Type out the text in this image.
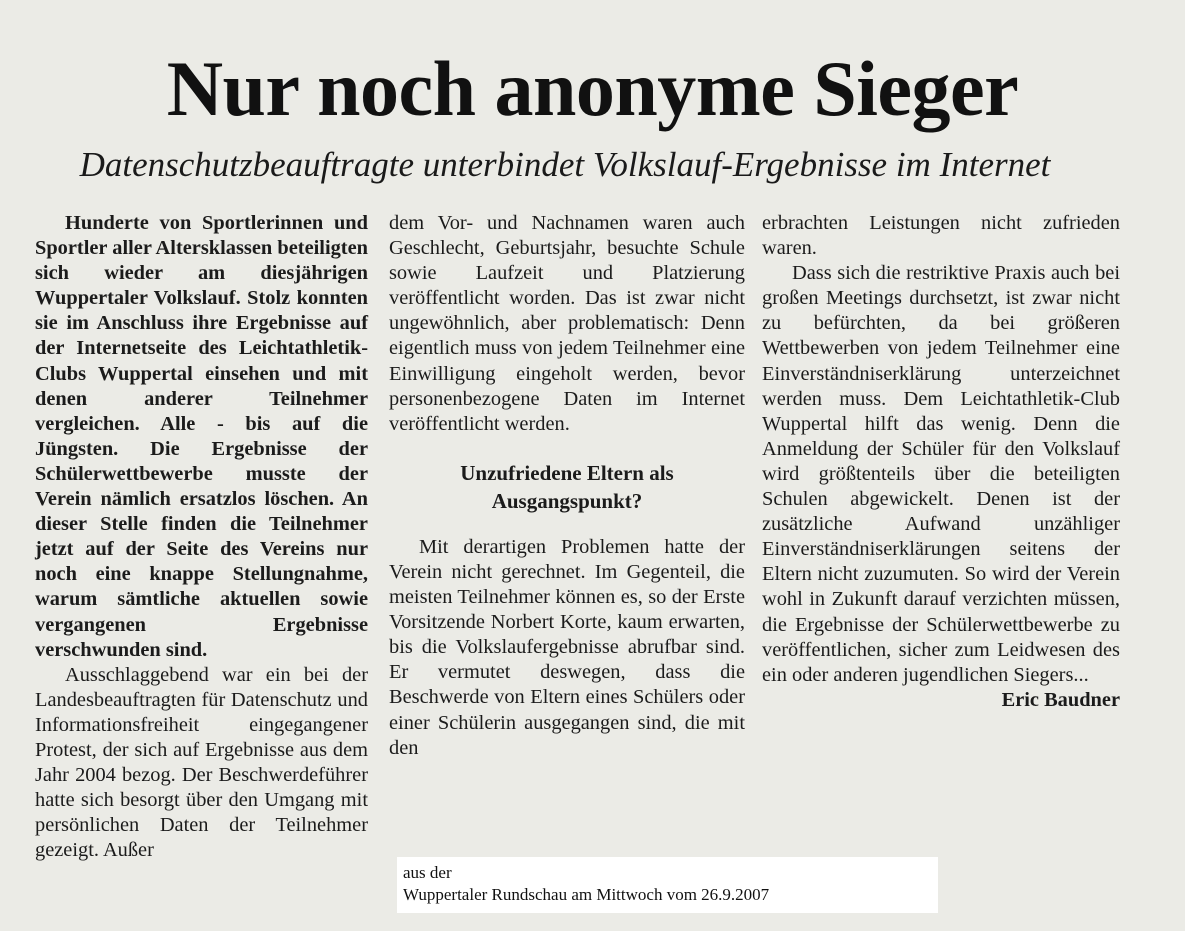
Nur noch anonyme Sieger
Datenschutzbeauftragte unterbindet Volkslauf-Ergebnisse im Internet

Hunderte von Sportlerinnen und Sportler aller Altersklassen beteiligten sich wieder am diesjährigen Wuppertaler Volkslauf. Stolz konnten sie im Anschluss ihre Ergebnisse auf der Internetseite des Leichtathletik-Clubs Wuppertal einsehen und mit denen anderer Teilnehmer vergleichen. Alle - bis auf die Jüngsten. Die Ergebnisse der Schülerwettbewerbe musste der Verein nämlich ersatzlos löschen. An dieser Stelle finden die Teilnehmer jetzt auf der Seite des Vereins nur noch eine knappe Stellungnahme, warum sämtliche aktuellen sowie vergangenen Ergebnisse verschwunden sind.

Ausschlaggebend war ein bei der Landesbeauftragten für Datenschutz und Informationsfreiheit eingegangener Protest, der sich auf Ergebnisse aus dem Jahr 2004 bezog. Der Beschwerdeführer hatte sich besorgt über den Umgang mit persönlichen Daten der Teilnehmer gezeigt. Außer

dem Vor- und Nachnamen waren auch Geschlecht, Geburtsjahr, besuchte Schule sowie Laufzeit und Platzierung veröffentlicht worden. Das ist zwar nicht ungewöhnlich, aber problematisch: Denn eigentlich muss von jedem Teilnehmer eine Einwilligung eingeholt werden, bevor personenbezogene Daten im Internet veröffentlicht werden.

Unzufriedene Eltern als Ausgangspunkt?

Mit derartigen Problemen hatte der Verein nicht gerechnet. Im Gegenteil, die meisten Teilnehmer können es, so der Erste Vorsitzende Norbert Korte, kaum erwarten, bis die Volkslaufergebnisse abrufbar sind. Er vermutet deswegen, dass die Beschwerde von Eltern eines Schülers oder einer Schülerin ausgegangen sind, die mit den

erbrachten Leistungen nicht zufrieden waren.

Dass sich die restriktive Praxis auch bei großen Meetings durchsetzt, ist zwar nicht zu befürchten, da bei größeren Wettbewerben von jedem Teilnehmer eine Einverständniserklärung unterzeichnet werden muss. Dem Leichtathletik-Club Wuppertal hilft das wenig. Denn die Anmeldung der Schüler für den Volkslauf wird größtenteils über die beteiligten Schulen abgewickelt. Denen ist der zusätzliche Aufwand unzähliger Einverständniserklärungen seitens der Eltern nicht zuzumuten. So wird der Verein wohl in Zukunft darauf verzichten müssen, die Ergebnisse der Schülerwettbewerbe zu veröffentlichen, sicher zum Leidwesen des ein oder anderen jugendlichen Siegers...

Eric Baudner

aus der
Wuppertaler Rundschau am Mittwoch vom 26.9.2007
